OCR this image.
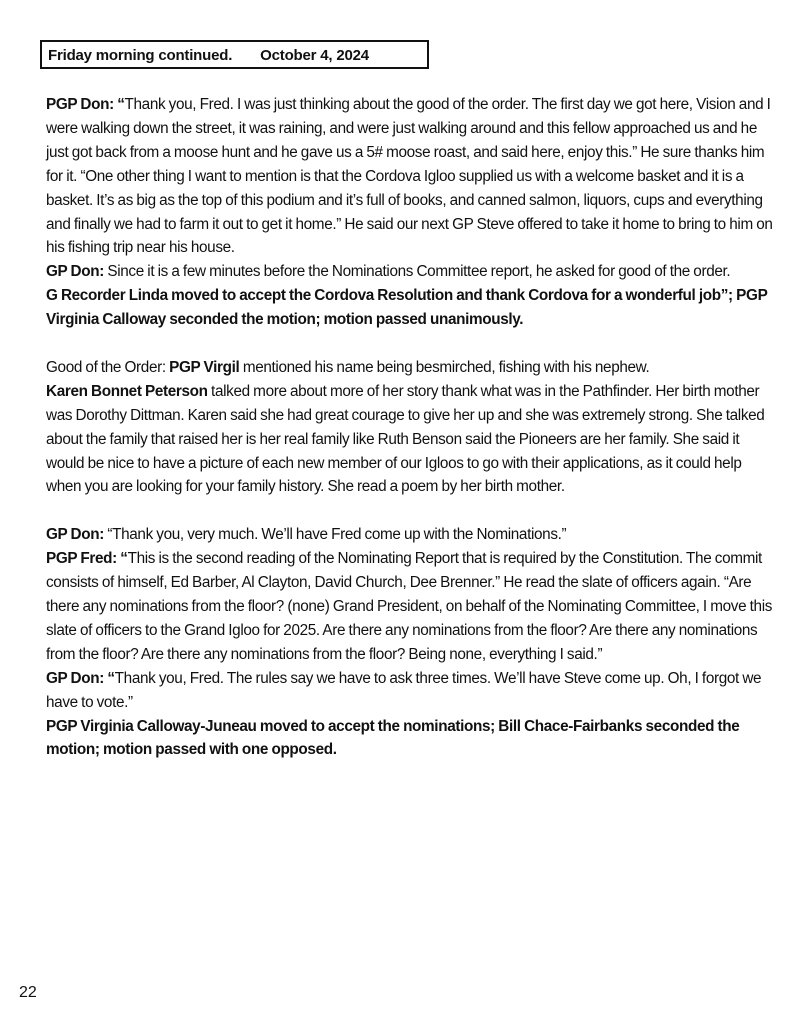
Friday morning continued. October 4, 2024

PGP Don: “Thank you, Fred. I was just thinking about the good of the order. The first day we got here, Vision and I were walking down the street, it was raining, and were just walking around and this fellow approached us and he just got back from a moose hunt and he gave us a 5# moose roast, and said here, enjoy this.” He sure thanks him for it. “One other thing I want to mention is that the Cordova Igloo supplied us with a welcome basket and it is a basket. It’s as big as the top of this podium and it’s full of books, and canned salmon, liquors, cups and everything and finally we had to farm it out to get it home.” He said our next GP Steve offered to take it home to bring to him on his fishing trip near his house.

GP Don: Since it is a few minutes before the Nominations Committee report, he asked for good of the order.

G Recorder Linda moved to accept the Cordova Resolution and thank Cordova for a wonderful job”; PGP Virginia Calloway seconded the motion; motion passed unanimously.

Good of the Order: PGP Virgil mentioned his name being besmirched, fishing with his nephew.
Karen Bonnet Peterson talked more about more of her story thank what was in the Pathfinder. Her birth mother was Dorothy Dittman. Karen said she had great courage to give her up and she was extremely strong. She talked about the family that raised her is her real family like Ruth Benson said the Pioneers are her family. She said it would be nice to have a picture of each new member of our Igloos to go with their applications, as it could help when you are looking for your family history. She read a poem by her birth mother.

GP Don: “Thank you, very much. We’ll have Fred come up with the Nominations.”

PGP Fred: “This is the second reading of the Nominating Report that is required by the Constitution. The commit consists of himself, Ed Barber, Al Clayton, David Church, Dee Brenner.” He read the slate of officers again. “Are there any nominations from the floor? (none) Grand President, on behalf of the Nominating Committee, I move this slate of officers to the Grand Igloo for 2025. Are there any nominations from the floor? Are there any nominations from the floor? Are there any nominations from the floor? Being none, everything I said.”

GP Don: “Thank you, Fred. The rules say we have to ask three times. We’ll have Steve come up. Oh, I forgot we have to vote.”

PGP Virginia Calloway-Juneau moved to accept the nominations; Bill Chace-Fairbanks seconded the motion; motion passed with one opposed.

22
